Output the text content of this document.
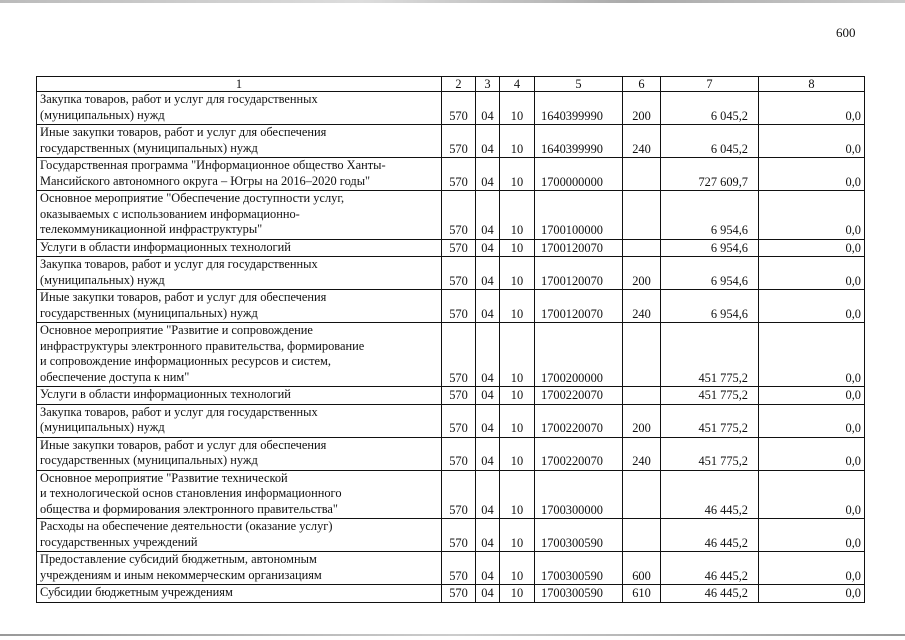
600
1	2	3	4	5	6	7	8
Закупка товаров, работ и услуг для государственных
(муниципальных) нужд	570	04	10	1640399990	200	6 045,2	0,0
Иные закупки товаров, работ и услуг для обеспечения
государственных (муниципальных) нужд	570	04	10	1640399990	240	6 045,2	0,0
Государственная программа "Информационное общество Ханты-
Мансийского автономного округа – Югры на 2016–2020 годы"	570	04	10	1700000000		727 609,7	0,0
Основное мероприятие "Обеспечение доступности услуг,
оказываемых с использованием информационно-
телекоммуникационной инфраструктуры"	570	04	10	1700100000		6 954,6	0,0
Услуги в области информационных технологий	570	04	10	1700120070		6 954,6	0,0
Закупка товаров, работ и услуг для государственных
(муниципальных) нужд	570	04	10	1700120070	200	6 954,6	0,0
Иные закупки товаров, работ и услуг для обеспечения
государственных (муниципальных) нужд	570	04	10	1700120070	240	6 954,6	0,0
Основное мероприятие "Развитие и сопровождение
инфраструктуры электронного правительства, формирование
и сопровождение информационных ресурсов и систем,
обеспечение доступа к ним"	570	04	10	1700200000		451 775,2	0,0
Услуги в области информационных технологий	570	04	10	1700220070		451 775,2	0,0
Закупка товаров, работ и услуг для государственных
(муниципальных) нужд	570	04	10	1700220070	200	451 775,2	0,0
Иные закупки товаров, работ и услуг для обеспечения
государственных (муниципальных) нужд	570	04	10	1700220070	240	451 775,2	0,0
Основное мероприятие "Развитие технической
и технологической основ становления информационного
общества и формирования электронного правительства"	570	04	10	1700300000		46 445,2	0,0
Расходы на обеспечение деятельности (оказание услуг)
государственных учреждений	570	04	10	1700300590		46 445,2	0,0
Предоставление субсидий бюджетным, автономным
учреждениям и иным некоммерческим организациям	570	04	10	1700300590	600	46 445,2	0,0
Субсидии бюджетным учреждениям	570	04	10	1700300590	610	46 445,2	0,0
